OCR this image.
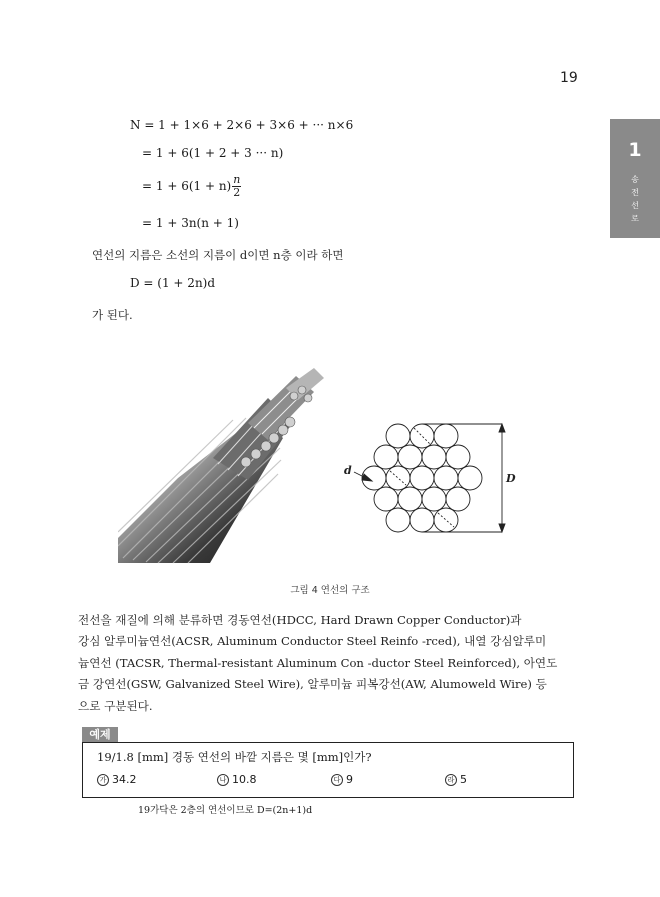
19
1
송전선로
N = 1 + 1×6 + 2×6 + 3×6 + ··· n×6
= 1 + 6(1 + 2 + 3 ··· n)
= $1 + 6(1 + n) \frac{n}{2}$
= 1 + 3n(n + 1)
연선의 지름은 소선의 지름이 d이면 n층 이라 하면
D = (1 + 2n)d
가 된다.
d
D
그림 4 연선의 구조
전선을 재질에 의해 분류하면 경동연선(HDCC, Hard Drawn Copper Conductor)과
강심 알루미늄연선(ACSR, Aluminum Conductor Steel Reinfo -rced), 내열 강심알루미
늄연선 (TACSR, Thermal-resistant Aluminum Con -ductor Steel Reinforced), 아연도
금 강연선(GSW, Galvanized Steel Wire), 알루미늄 피복강선(AW, Alumoweld Wire) 등
으로 구분된다.
예제
19/1.8 [mm] 경동 연선의 바깥 지름은 몇 [mm]인가?
가 34.2	나 10.8	다 9	라 5
19가닥은 2층의 연선이므로 D=(2n+1)d
